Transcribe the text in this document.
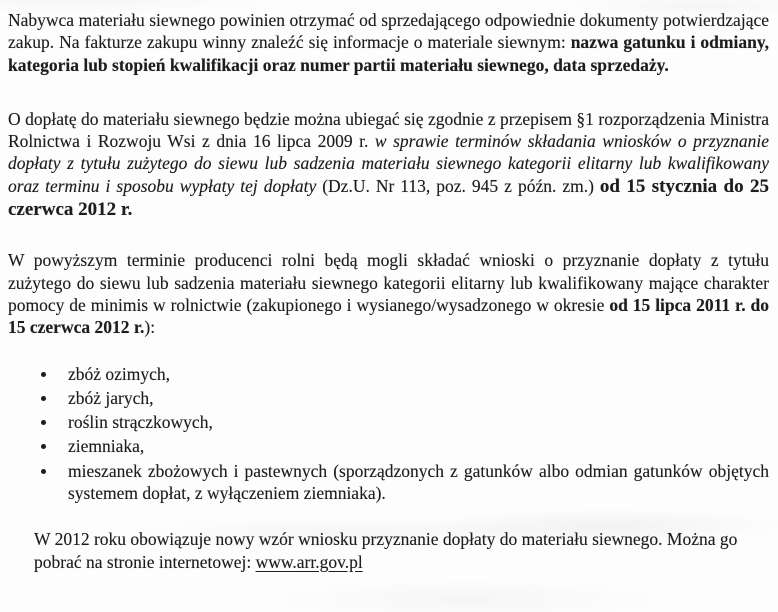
Nabywca materiału siewnego powinien otrzymać od sprzedającego odpowiednie dokumenty potwierdzające zakup. Na fakturze zakupu winny znaleźć się informacje o materiale siewnym: nazwa gatunku i odmiany, kategoria lub stopień kwalifikacji oraz numer partii materiału siewnego, data sprzedaży.

O dopłatę do materiału siewnego będzie można ubiegać się zgodnie z przepisem §1 rozporządzenia Ministra Rolnictwa i Rozwoju Wsi z dnia 16 lipca 2009 r. w sprawie terminów składania wniosków o przyznanie dopłaty z tytułu zużytego do siewu lub sadzenia materiału siewnego kategorii elitarny lub kwalifikowany oraz terminu i sposobu wypłaty tej dopłaty (Dz.U. Nr 113, poz. 945 z późn. zm.) od 15 stycznia do 25 czerwca 2012 r.

W powyższym terminie producenci rolni będą mogli składać wnioski o przyznanie dopłaty z tytułu zużytego do siewu lub sadzenia materiału siewnego kategorii elitarny lub kwalifikowany mające charakter pomocy de minimis w rolnictwie (zakupionego i wysianego/wysadzonego w okresie od 15 lipca 2011 r. do 15 czerwca 2012 r.):

zbóż ozimych,
zbóż jarych,
roślin strączkowych,
ziemniaka,
mieszanek zbożowych i pastewnych (sporządzonych z gatunków albo odmian gatunków objętych systemem dopłat, z wyłączeniem ziemniaka).

W 2012 roku obowiązuje nowy wzór wniosku przyznanie dopłaty do materiału siewnego. Można go pobrać na stronie internetowej: www.arr.gov.pl
